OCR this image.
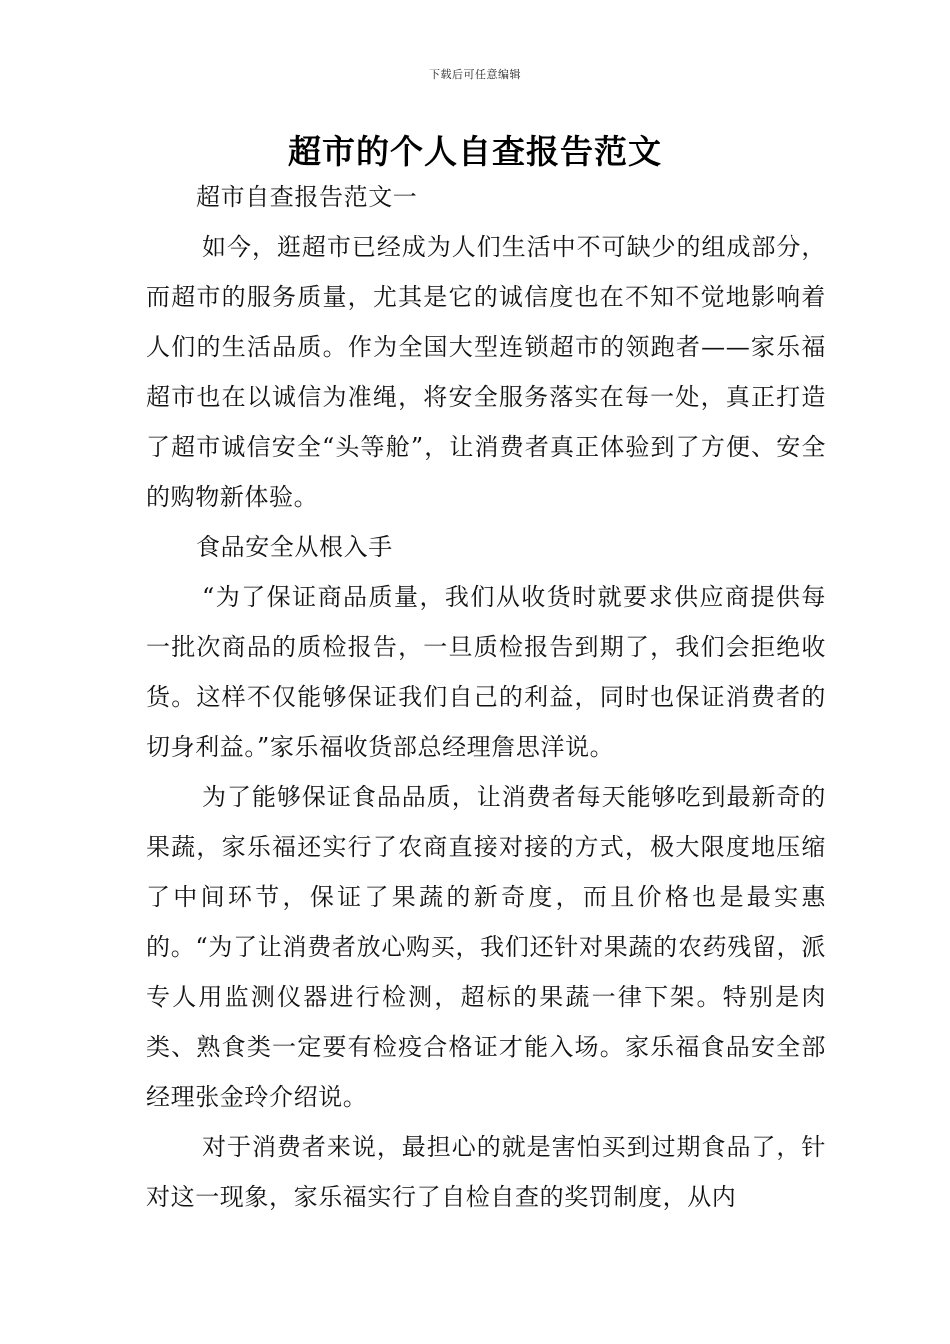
下载后可任意编辑
超市的个人自查报告范文

超市自查报告范文一

如今，逛超市已经成为人们生活中不可缺少的组成部分，而超市的服务质量，尤其是它的诚信度也在不知不觉地影响着人们的生活品质。作为全国大型连锁超市的领跑者——家乐福超市也在以诚信为准绳，将安全服务落实在每一处，真正打造了超市诚信安全“头等舱”，让消费者真正体验到了方便、安全的购物新体验。

食品安全从根入手

“为了保证商品质量，我们从收货时就要求供应商提供每一批次商品的质检报告，一旦质检报告到期了，我们会拒绝收货。这样不仅能够保证我们自己的利益，同时也保证消费者的切身利益。”家乐福收货部总经理詹思洋说。

为了能够保证食品品质，让消费者每天能够吃到最新奇的果蔬，家乐福还实行了农商直接对接的方式，极大限度地压缩了中间环节，保证了果蔬的新奇度，而且价格也是最实惠的。“为了让消费者放心购买，我们还针对果蔬的农药残留，派专人用监测仪器进行检测，超标的果蔬一律下架。特别是肉类、熟食类一定要有检疫合格证才能入场。家乐福食品安全部经理张金玲介绍说。

对于消费者来说，最担心的就是害怕买到过期食品了，针对这一现象，家乐福实行了自检自查的奖罚制度，从内
